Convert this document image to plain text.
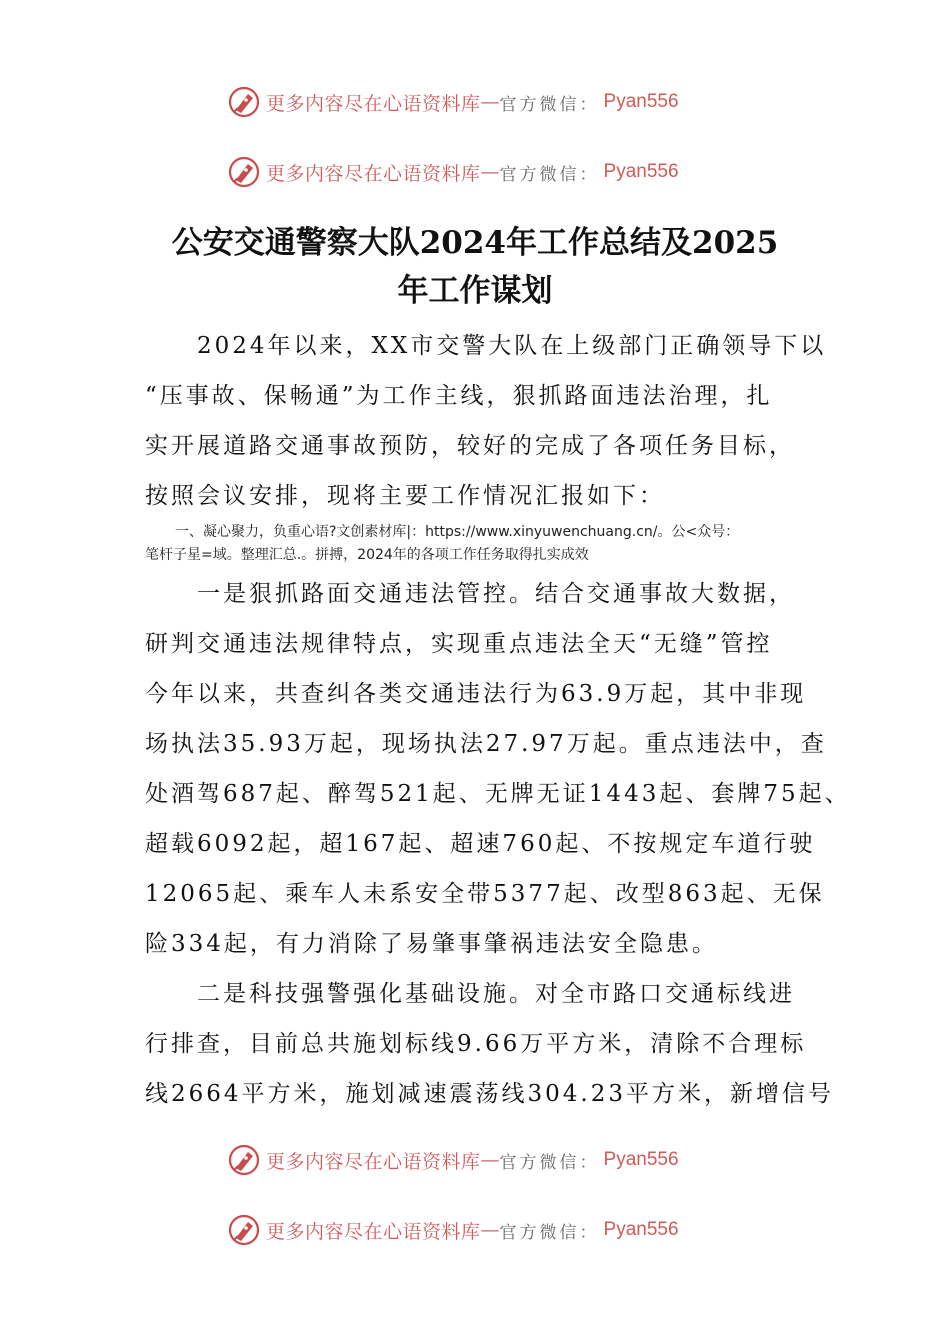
更多内容尽在心语资料库 — 官方微信： Pyan556
更多内容尽在心语资料库 — 官方微信： Pyan556
公安交通警察大队2024年工作总结及2025
年工作谋划
2024年以来，XX市交警大队在上级部门正确领导下以
“压事故、保畅通”为工作主线，狠抓路面违法治理，扎
实开展道路交通事故预防，较好的完成了各项任务目标，
按照会议安排，现将主要工作情况汇报如下：
一、凝心聚力，负重心语?文创素材库|：https://www.xinyuwenchuang.cn/。公<众号：
笔杆子星=域。整理汇总.。拼搏，2024年的各项工作任务取得扎实成效
一是狠抓路面交通违法管控。结合交通事故大数据，
研判交通违法规律特点，实现重点违法全天“无缝”管控
今年以来，共查纠各类交通违法行为63.9万起，其中非现
场执法35.93万起，现场执法27.97万起。重点违法中，查
处酒驾687起、醉驾521起、无牌无证1443起、套牌75起、
超载6092起，超167起、超速760起、不按规定车道行驶
12065起、乘车人未系安全带5377起、改型863起、无保
险334起，有力消除了易肇事肇祸违法安全隐患。
二是科技强警强化基础设施。对全市路口交通标线进
行排查，目前总共施划标线9.66万平方米，清除不合理标
线2664平方米，施划减速震荡线304.23平方米，新增信号
更多内容尽在心语资料库 — 官方微信： Pyan556
更多内容尽在心语资料库 — 官方微信： Pyan556
